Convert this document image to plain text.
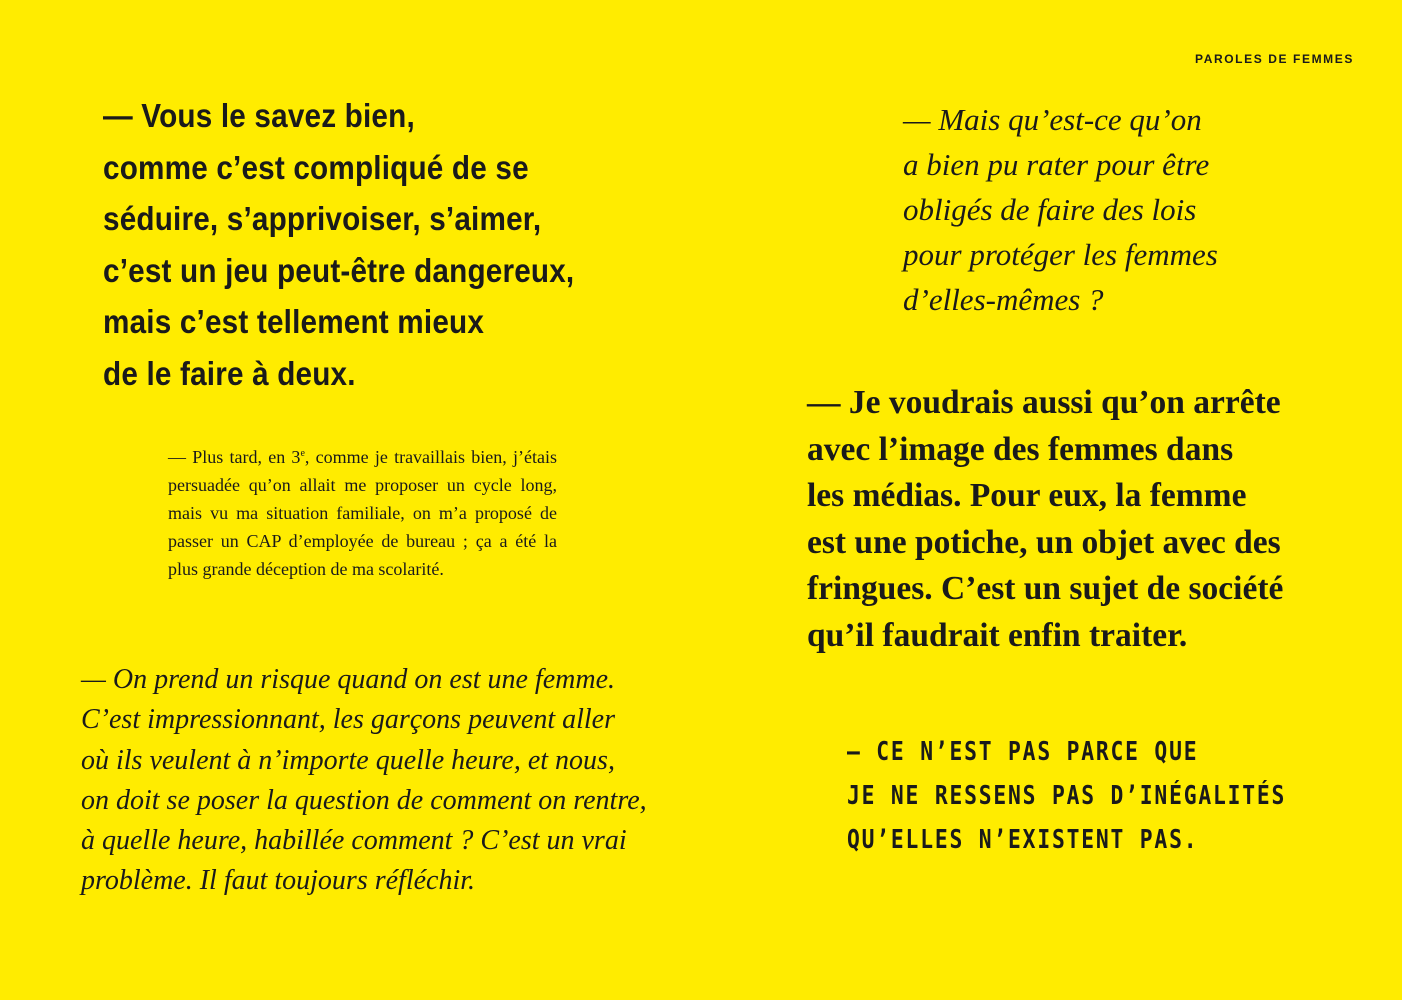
PAROLES DE FEMMES
— Vous le savez bien,
comme c’est compliqué de se
séduire, s’apprivoiser, s’aimer,
c’est un jeu peut-être dangereux,
mais c’est tellement mieux
de le faire à deux.
— Plus tard, en 3e, comme je travaillais bien, j’étais persuadée qu’on allait me proposer un cycle long, mais vu ma situation familiale, on m’a proposé de passer un CAP d’employée de bureau ; ça a été la plus grande déception de ma scolarité.
— On prend un risque quand on est une femme.
C’est impressionnant, les garçons peuvent aller
où ils veulent à n’importe quelle heure, et nous,
on doit se poser la question de comment on rentre,
à quelle heure, habillée comment ? C’est un vrai
problème. Il faut toujours réfléchir.
— Mais qu’est-ce qu’on
a bien pu rater pour être
obligés de faire des lois
pour protéger les femmes
d’elles-mêmes ?
— Je voudrais aussi qu’on arrête
avec l’image des femmes dans
les médias. Pour eux, la femme
est une potiche, un objet avec des
fringues. C’est un sujet de société
qu’il faudrait enfin traiter.
— CE N’EST PAS PARCE QUE
JE NE RESSENS PAS D’INÉGALITÉS
QU’ELLES N’EXISTENT PAS.
